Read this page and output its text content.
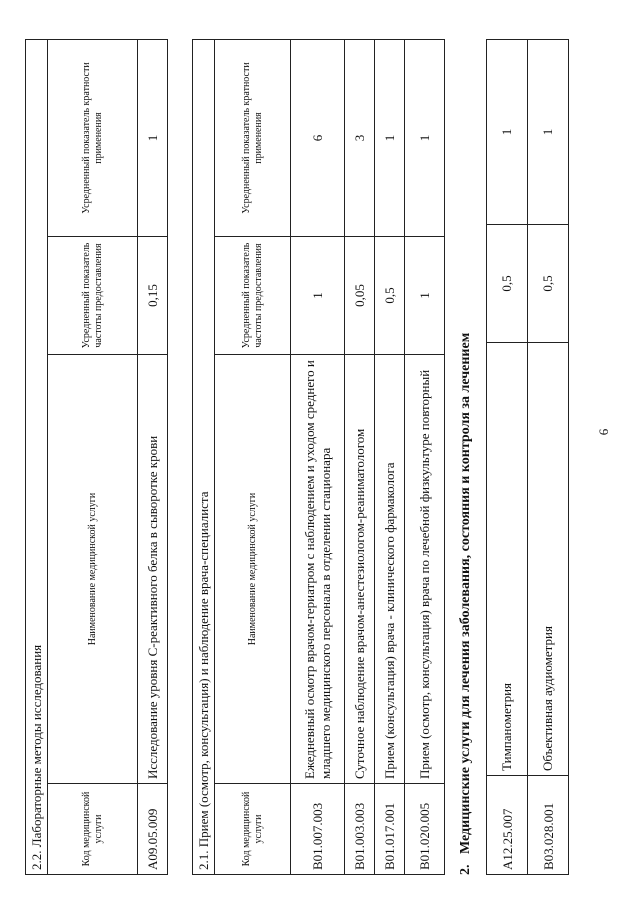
6
A12.25.007	Тимпанометрия	0,5	1
B03.028.001	Объективная аудиометрия	0,5	1
2.   Медицинские услуги для лечения заболевания, состояния и контроля за лечением
2.1. Прием (осмотр, консультация) и наблюдение врача-специалиста			
Код медицинской услуги	Наименование медицинской услуги	Усредненный показатель частоты предоставления	Усредненный показатель кратности применения
B01.007.003	Ежедневный осмотр врачом-гериатром с наблюдением и уходом среднего и младшего медицинского персонала в отделении стационара	1	6
B01.003.003	Суточное наблюдение врачом-анестезиологом-реаниматологом	0,05	3
B01.017.001	Прием (консультация) врача - клинического фармаколога	0,5	1
B01.020.005	Прием (осмотр, консультация) врача по лечебной физкультуре повторный	1	1
2.2. Лабораторные методы исследования			
Код медицинской услуги	Наименование медицинской услуги	Усредненный показатель частоты предоставления	Усредненный показатель кратности применения
A09.05.009	Исследование уровня C-реактивного белка в сыворотке крови	0,15	1
